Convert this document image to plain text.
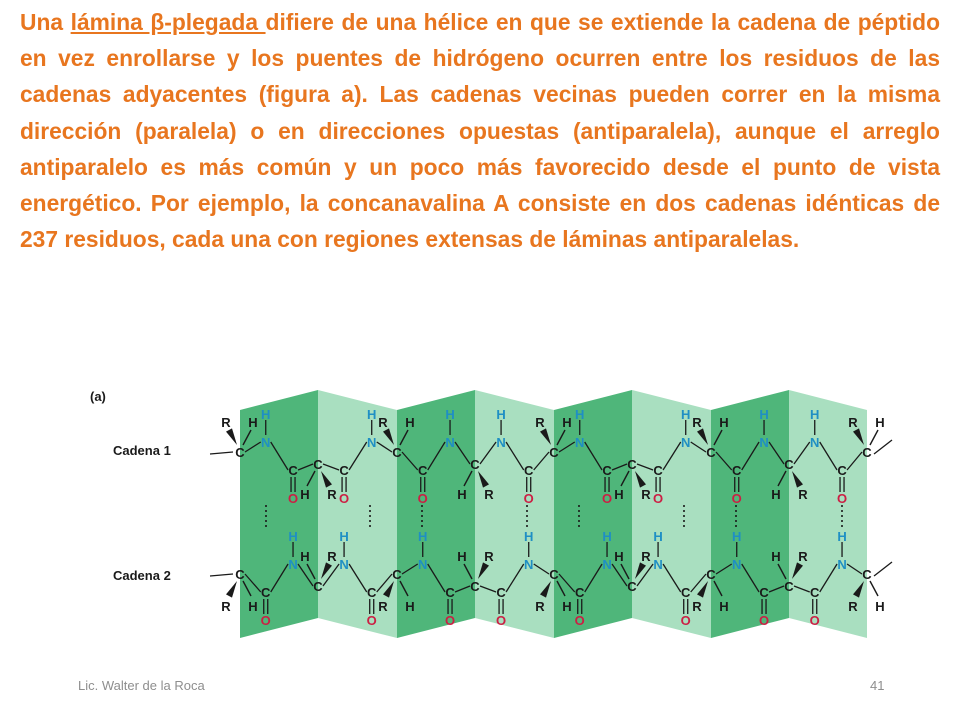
Una lámina β-plegada difiere de una hélice en que se extiende la cadena de péptido en vez enrollarse y los puentes de hidrógeno ocurren entre los residuos de las cadenas adyacentes (figura a). Las cadenas vecinas pueden correr en la misma dirección (paralela) o en direcciones opuestas (antiparalela), aunque el arreglo antiparalelo es más común y un poco más favorecido desde el punto de vista energético. Por ejemplo, la concanavalina A consiste en dos cadenas idénticas de 237 residuos, cada una con regiones extensas de láminas antiparalelas.

C
H
R
C
H
R
C
H
R
C
H
R
C
H
R
C
H R
C
H R
C
H R
C
H R
N
H
C
O
C
O
N
H
C
O
N
H
N
H
C
O
N
H
C
O
C
O
N
H
C
O
N
H
N
H
C
O
C
H
R
C
H
R
C
H
R
C
H
R
C
H
R
C
H R
C
H R
C
H R
C
H R
C
O
N
H
N
H
C
O
N
H
C
O
C
O
N
H
C
O
N
H
N
H
C
O
N
H
C
O
C
O
N
H
(a)
Cadena 1
Cadena 2
Lic. Walter de la Roca	41
